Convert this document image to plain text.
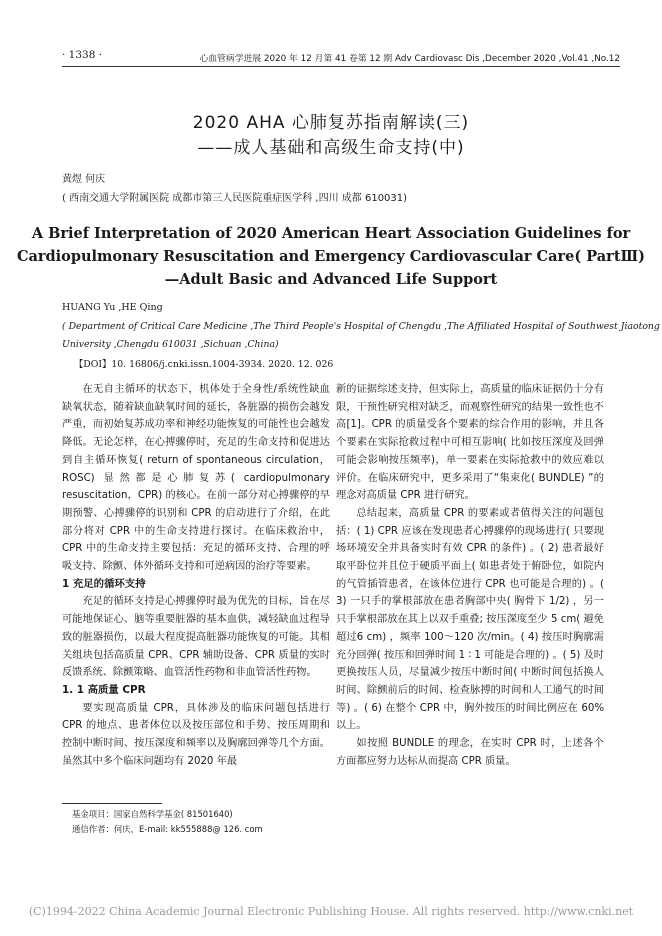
· 1338 ·	心血管病学进展 2020 年 12 月第 41 卷第 12 期 Adv Cardiovasc Dis ,December 2020 ,Vol.41 ,No.12
2020 AHA 心肺复苏指南解读(三)
——成人基础和高级生命支持(中)
黄煜 何庆
( 西南交通大学附属医院 成都市第三人民医院重症医学科 ,四川 成都 610031)
A Brief Interpretation of 2020 American Heart Association Guidelines for
Cardiopulmonary Resuscitation and Emergency Cardiovascular Care( PartⅢ)
—Adult Basic and Advanced Life Support
HUANG Yu ,HE Qing
( Department of Critical Care Medicine ,The Third People's Hospital of Chengdu ,The Affiliated Hospital of Southwest Jiaotong
University ,Chengdu 610031 ,Sichuan ,China)
【DOI】10. 16806/j.cnki.issn.1004-3934. 2020. 12. 026

在无自主循环的状态下，机体处于全身性/系统性缺血缺氧状态，随着缺血缺氧时间的延长，各脏器的损伤会越发严重，而初始复苏成功率和神经功能恢复的可能性也会越发降低。无论怎样，在心搏骤停时，充足的生命支持和促进达到自主循环恢复( return of spontaneous circulation，ROSC) 显然都是心肺复苏( cardiopulmonary resuscitation，CPR) 的核心。在前一部分对心搏骤停的早期预警、心搏骤停的识别和 CPR 的启动进行了介绍，在此部分将对 CPR 中的生命支持进行探讨。在临床救治中，CPR 中的生命支持主要包括：充足的循环支持、合理的呼吸支持、除颤、体外循环支持和可逆病因的治疗等要素。

1 充足的循环支持

充足的循环支持是心搏骤停时最为优先的目标，旨在尽可能地保证心、脑等重要脏器的基本血供，减轻缺血过程导致的脏器损伤，以最大程度提高脏器功能恢复的可能。其相关组块包括高质量 CPR、CPR 辅助设备、CPR 质量的实时反馈系统、除颤策略、血管活性药物和非血管活性药物。

1. 1 高质量 CPR

要实现高质量 CPR，具体涉及的临床问题包括进行 CPR 的地点、患者体位以及按压部位和手势、按压周期和控制中断时间、按压深度和频率以及胸廓回弹等几个方面。虽然其中多个临床问题均有 2020 年最

新的证据综述支持，但实际上，高质量的临床证据仍十分有限，干预性研究相对缺乏，而观察性研究的结果一致性也不高[1]。CPR 的质量受各个要素的综合作用的影响，并且各个要素在实际抢救过程中可相互影响( 比如按压深度及回弹可能会影响按压频率)，单一要素在实际抢救中的效应难以评价。在临床研究中，更多采用了“集束化( BUNDLE) ”的理念对高质量 CPR 进行研究。

总结起来，高质量 CPR 的要素或者值得关注的问题包括：( 1) CPR 应该在发现患者心搏骤停的现场进行( 只要现场环境安全并具备实时有效 CPR 的条件) 。( 2) 患者最好取平卧位并且位于硬质平面上( 如患者处于俯卧位，如院内的气管插管患者，在该体位进行 CPR 也可能是合理的) 。( 3) 一只手的掌根部放在患者胸部中央( 胸骨下 1/2) ，另一只手掌根部放在其上以双手重叠; 按压深度至少 5 cm( 避免超过6 cm) ，频率 100～120 次/min。( 4) 按压时胸廓需充分回弹( 按压和回弹时间 1 ∶ 1 可能是合理的) 。( 5) 及时更换按压人员，尽量减少按压中断时间( 中断时间包括换人时间、除颤前后的时间、检查脉搏的时间和人工通气的时间等) 。( 6) 在整个 CPR 中，胸外按压的时间比例应在 60%以上。

如按照 BUNDLE 的理念，在实时 CPR 时，上述各个方面都应努力达标从而提高 CPR 质量。

基金项目：国家自然科学基金( 81501640)
通信作者：何庆，E-mail: kk555888@ 126. com
(C)1994-2022 China Academic Journal Electronic Publishing House. All rights reserved. http://www.cnki.net
